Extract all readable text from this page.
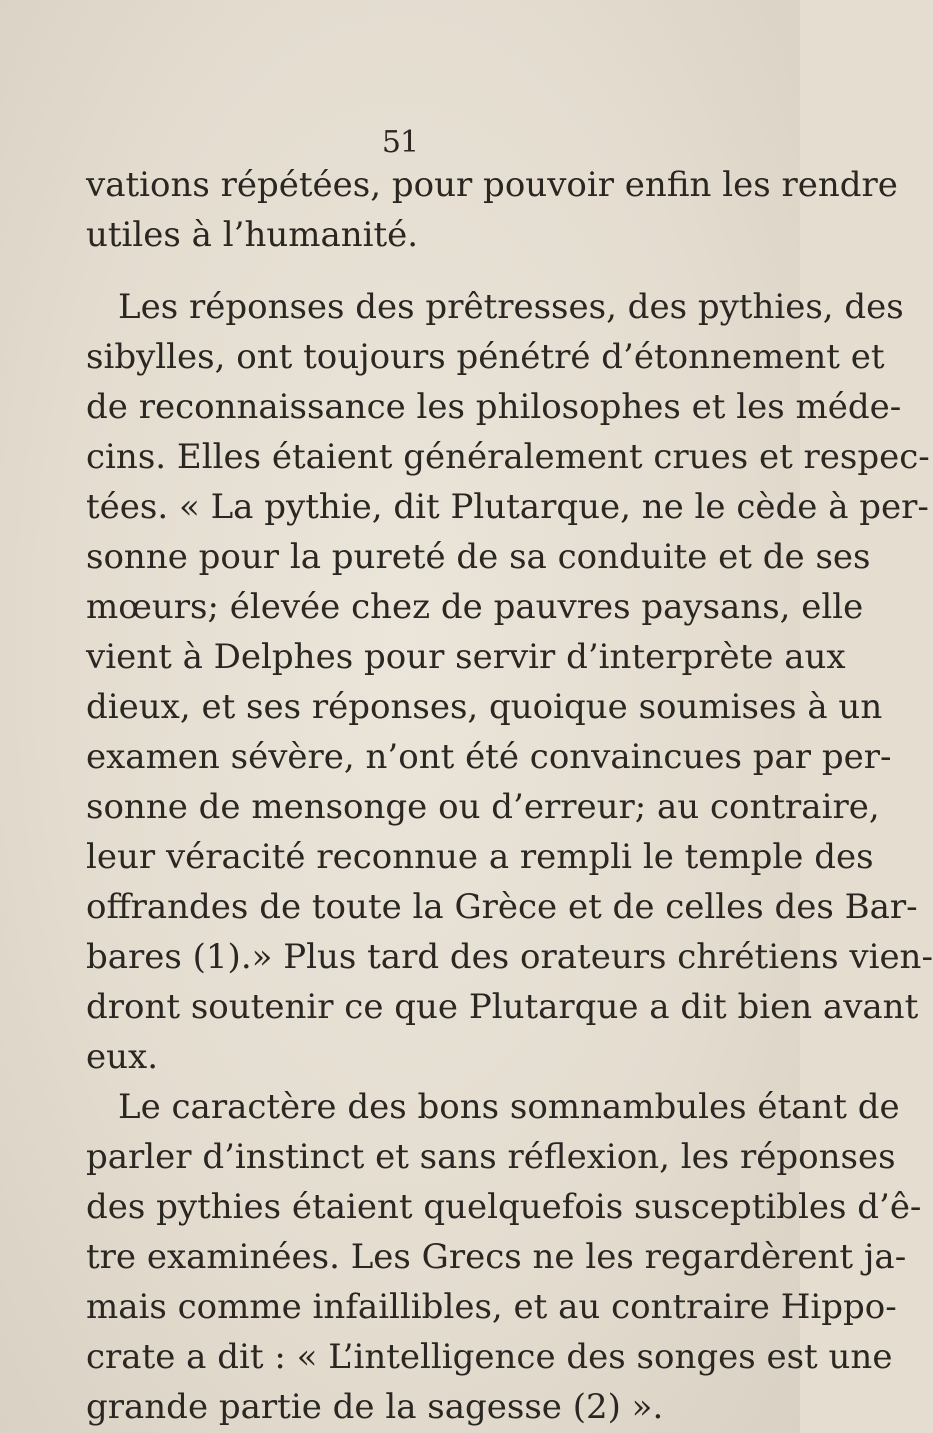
51
vations répétées, pour pouvoir enfin les rendre
utiles à l’humanité.
Les réponses des prêtresses, des pythies, des
sibylles, ont toujours pénétré d’étonnement et
de reconnaissance les philosophes et les méde-
cins. Elles étaient généralement crues et respec-
tées. « La pythie, dit Plutarque, ne le cède à per-
sonne pour la pureté de sa conduite et de ses
mœurs; élevée chez de pauvres paysans, elle
vient à Delphes pour servir d’interprète aux
dieux, et ses réponses, quoique soumises à un
examen sévère, n’ont été convaincues par per-
sonne de mensonge ou d’erreur; au contraire,
leur véracité reconnue a rempli le temple des
offrandes de toute la Grèce et de celles des Bar-
bares (1).» Plus tard des orateurs chrétiens vien-
dront soutenir ce que Plutarque a dit bien avant
eux.
Le caractère des bons somnambules étant de
parler d’instinct et sans réflexion, les réponses
des pythies étaient quelquefois susceptibles d’ê-
tre examinées. Les Grecs ne les regardèrent ja-
mais comme infaillibles, et au contraire Hippo-
crate a dit : « L’intelligence des songes est une
grande partie de la sagesse (2) ».
